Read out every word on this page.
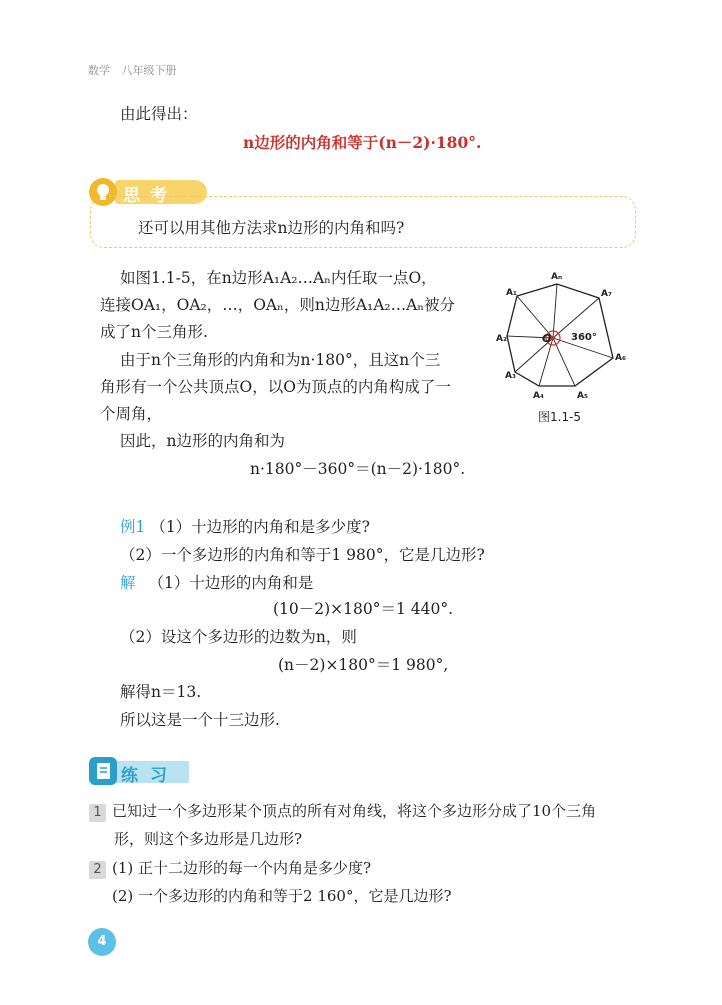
数学 八年级下册
由此得出：
n边形的内角和等于(n－2)·180°.
思考
还可以用其他方法求n边形的内角和吗?
如图1.1-5，在n边形A₁A₂…Aₙ内任取一点O，
连接OA₁，OA₂，…，OAₙ，则n边形A₁A₂…Aₙ被分
成了n个三角形.
由于n个三角形的内角和为n·180°，且这n个三
角形有一个公共顶点O，以O为顶点的内角构成了一
个周角，
因此，n边形的内角和为
n·180°－360°＝(n－2)·180°.
Aₙ
A₁
A₂
A₃
A₄	A₅
A₆
A₇
O 360°
图1.1-5
例1 （1）十边形的内角和是多少度?
（2）一个多边形的内角和等于1 980°，它是几边形?
解 （1）十边形的内角和是
(10－2)×180°＝1 440°.
（2）设这个多边形的边数为n，则
(n－2)×180°＝1 980°,
解得n＝13.
所以这是一个十三边形.
练习
1 已知过一个多边形某个顶点的所有对角线，将这个多边形分成了10个三角
形，则这个多边形是几边形?
2 (1) 正十二边形的每一个内角是多少度?
(2) 一个多边形的内角和等于2 160°，它是几边形?
4
